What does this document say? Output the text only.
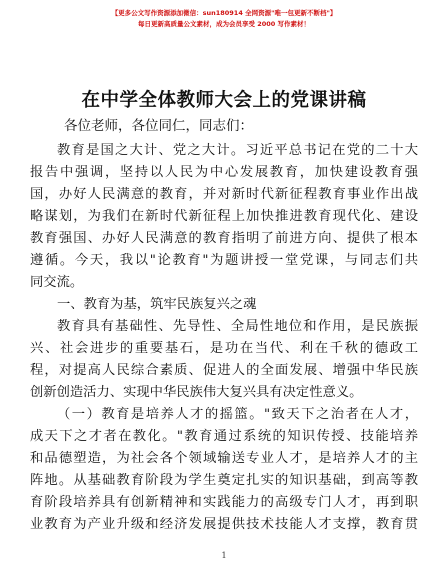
【更多公文写作资源添加微信：sun180914 全网资源"唯一包更新不断档"】
每日更新高质量公文素材，成为会员享受 2000 写作素材！
在中学全体教师大会上的党课讲稿
各位老师，各位同仁，同志们：
教育是国之大计、党之大计。习近平总书记在党的二十大
报告中强调，坚持以人民为中心发展教育，加快建设教育强
国，办好人民满意的教育，并对新时代新征程教育事业作出战
略谋划，为我们在新时代新征程上加快推进教育现代化、建设
教育强国、办好人民满意的教育指明了前进方向、提供了根本
遵循。今天，我以"论教育"为题讲授一堂党课，与同志们共
同交流。
一、教育为基，筑牢民族复兴之魂
教育具有基础性、先导性、全局性地位和作用，是民族振
兴、社会进步的重要基石，是功在当代、利在千秋的德政工
程，对提高人民综合素质、促进人的全面发展、增强中华民族
创新创造活力、实现中华民族伟大复兴具有决定性意义。
（一）教育是培养人才的摇篮。"致天下之治者在人才，
成天下之才者在教化。"教育通过系统的知识传授、技能培养
和品德塑造，为社会各个领域输送专业人才，是培养人才的主
阵地。从基础教育阶段为学生奠定扎实的知识基础，到高等教
育阶段培养具有创新精神和实践能力的高级专门人才，再到职
业教育为产业升级和经济发展提供技术技能人才支撑，教育贯
1
